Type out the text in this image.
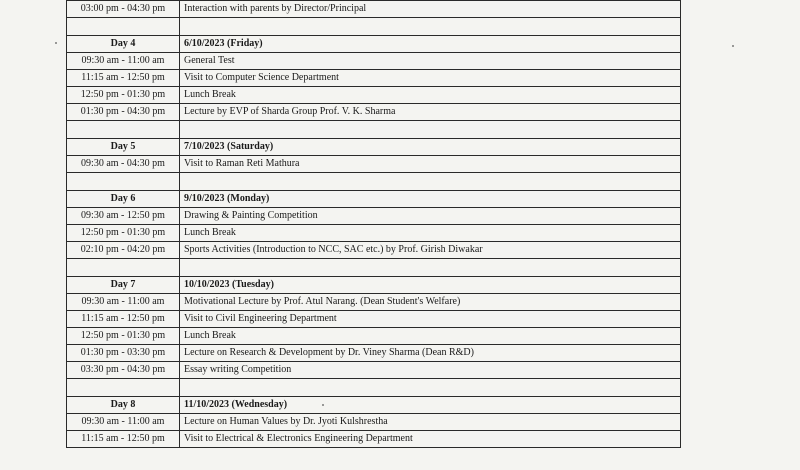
03:00 pm - 04:30 pm	Interaction with parents by Director/Principal

Day 4	6/10/2023 (Friday)
09:30 am - 11:00 am	General Test
11:15 am - 12:50 pm	Visit to Computer Science Department
12:50 pm - 01:30 pm	Lunch Break
01:30 pm - 04:30 pm	Lecture by EVP of Sharda Group Prof. V. K. Sharma

Day 5	7/10/2023 (Saturday)
09:30 am - 04:30 pm	Visit to Raman Reti Mathura

Day 6	9/10/2023 (Monday)
09:30 am - 12:50 pm	Drawing & Painting Competition
12:50 pm - 01:30 pm	Lunch Break
02:10 pm - 04:20 pm	Sports Activities (Introduction to NCC, SAC etc.) by Prof. Girish Diwakar

Day 7	10/10/2023 (Tuesday)
09:30 am - 11:00 am	Motivational Lecture by Prof. Atul Narang. (Dean Student's Welfare)
11:15 am - 12:50 pm	Visit to Civil Engineering Department
12:50 pm - 01:30 pm	Lunch Break
01:30 pm - 03:30 pm	Lecture on Research & Development by Dr. Viney Sharma (Dean R&D)
03:30 pm - 04:30 pm	Essay writing Competition

Day 8	11/10/2023 (Wednesday)
09:30 am - 11:00 am	Lecture on Human Values by Dr. Jyoti Kulshrestha
11:15 am - 12:50 pm	Visit to Electrical & Electronics Engineering Department
